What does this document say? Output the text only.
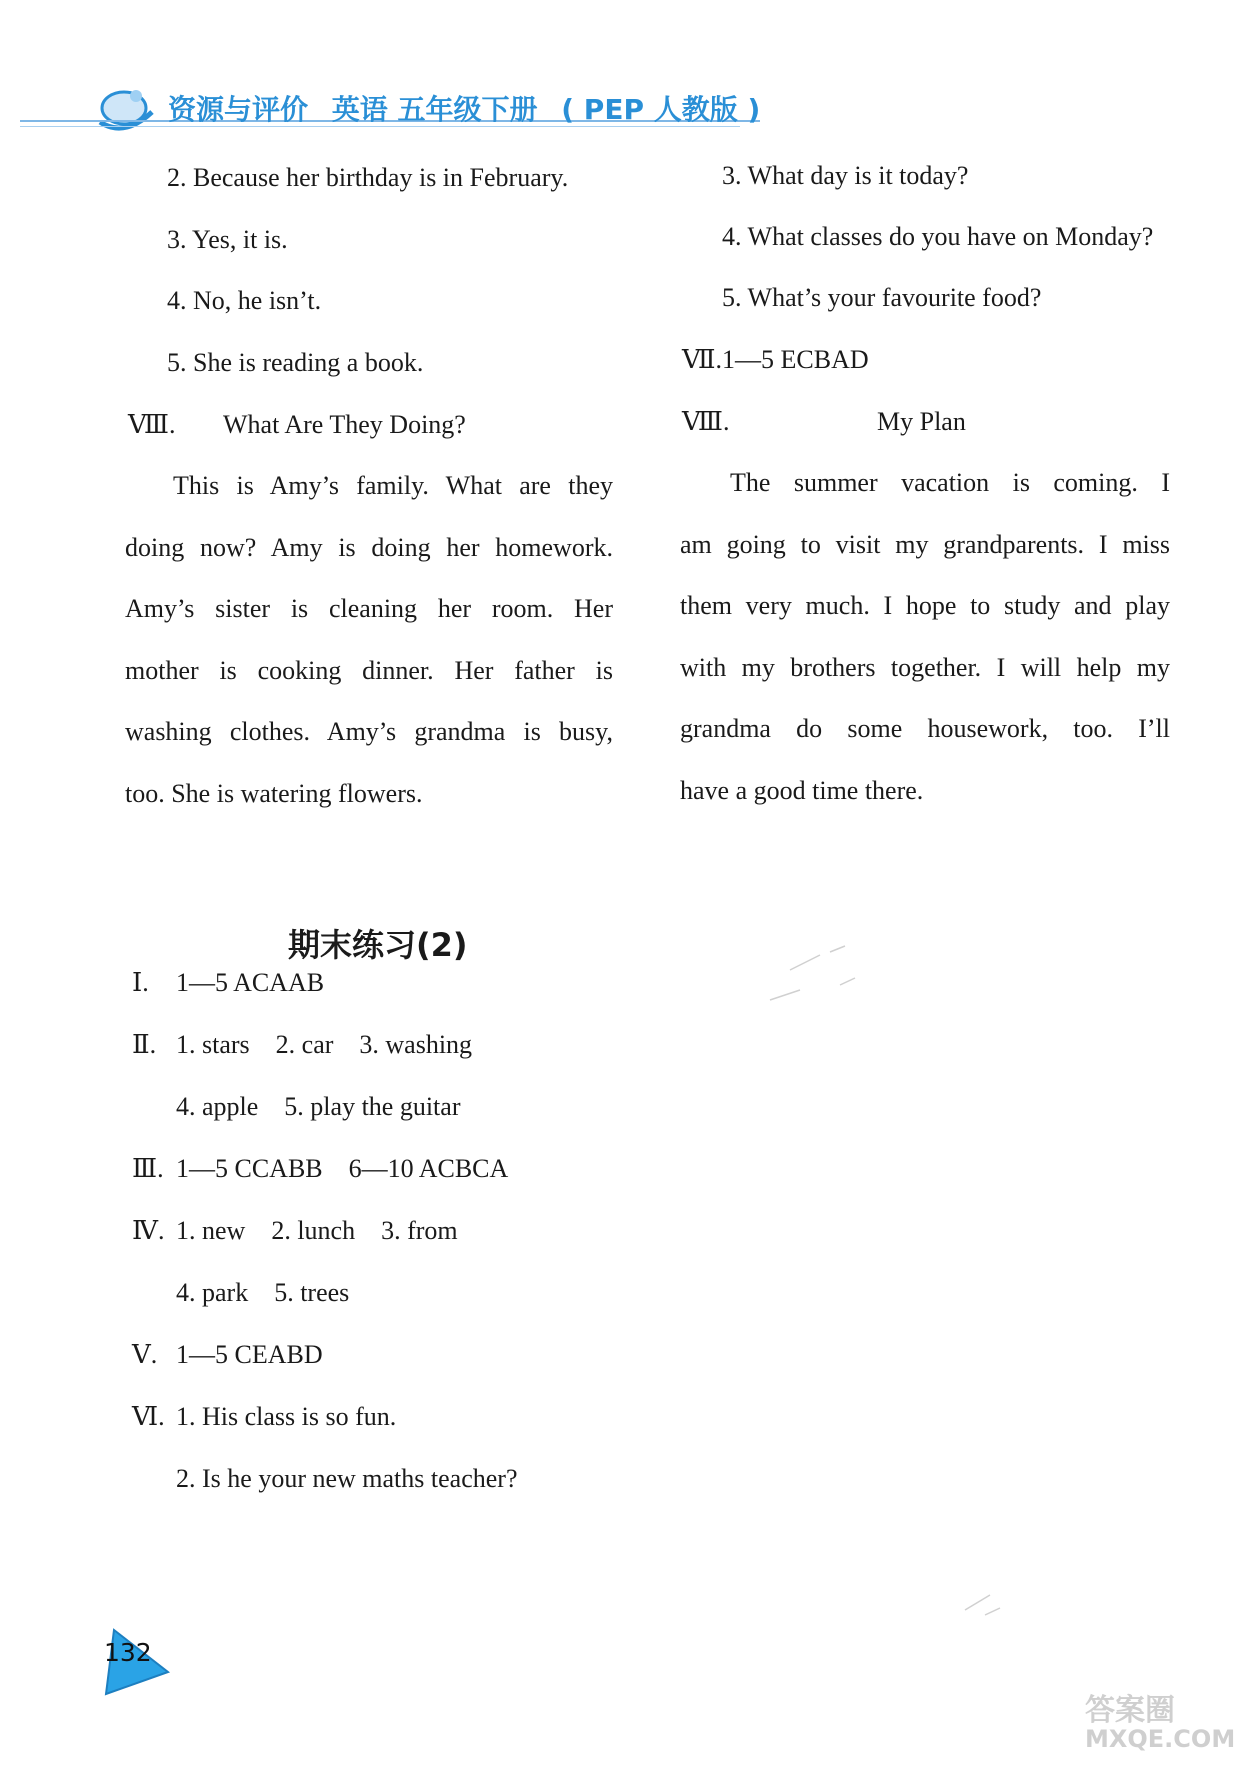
资源与评价 英语 五年级下册 ( PEP 人教版 )
2. Because her birthday is in February.
3. Yes, it is.
4. No, he isn’t.
5. She is reading a book.
Ⅷ. What Are They Doing?
This is Amy’s family. What are they
doing now? Amy is doing her homework.
Amy’s sister is cleaning her room. Her
mother is cooking dinner. Her father is
washing clothes. Amy’s grandma is busy,
too. She is watering flowers.
3. What day is it today?
4. What classes do you have on Monday?
5. What’s your favourite food?
Ⅶ. 1—5 ECBAD
Ⅷ.	My Plan
The summer vacation is coming. I
am going to visit my grandparents. I miss
them very much. I hope to study and play
with my brothers together. I will help my
grandma do some housework, too. I’ll
have a good time there.
期末练习(2)
Ⅰ. 1—5 ACAAB
Ⅱ. 1. stars    2. car    3. washing
4. apple    5. play the guitar
Ⅲ. 1—5 CCABB    6—10 ACBCA
Ⅳ. 1. new    2. lunch    3. from
4. park    5. trees
Ⅴ. 1—5 CEABD
Ⅵ. 1. His class is so fun.
2. Is he your new maths teacher?
132
答案圈
MXQE.COM
